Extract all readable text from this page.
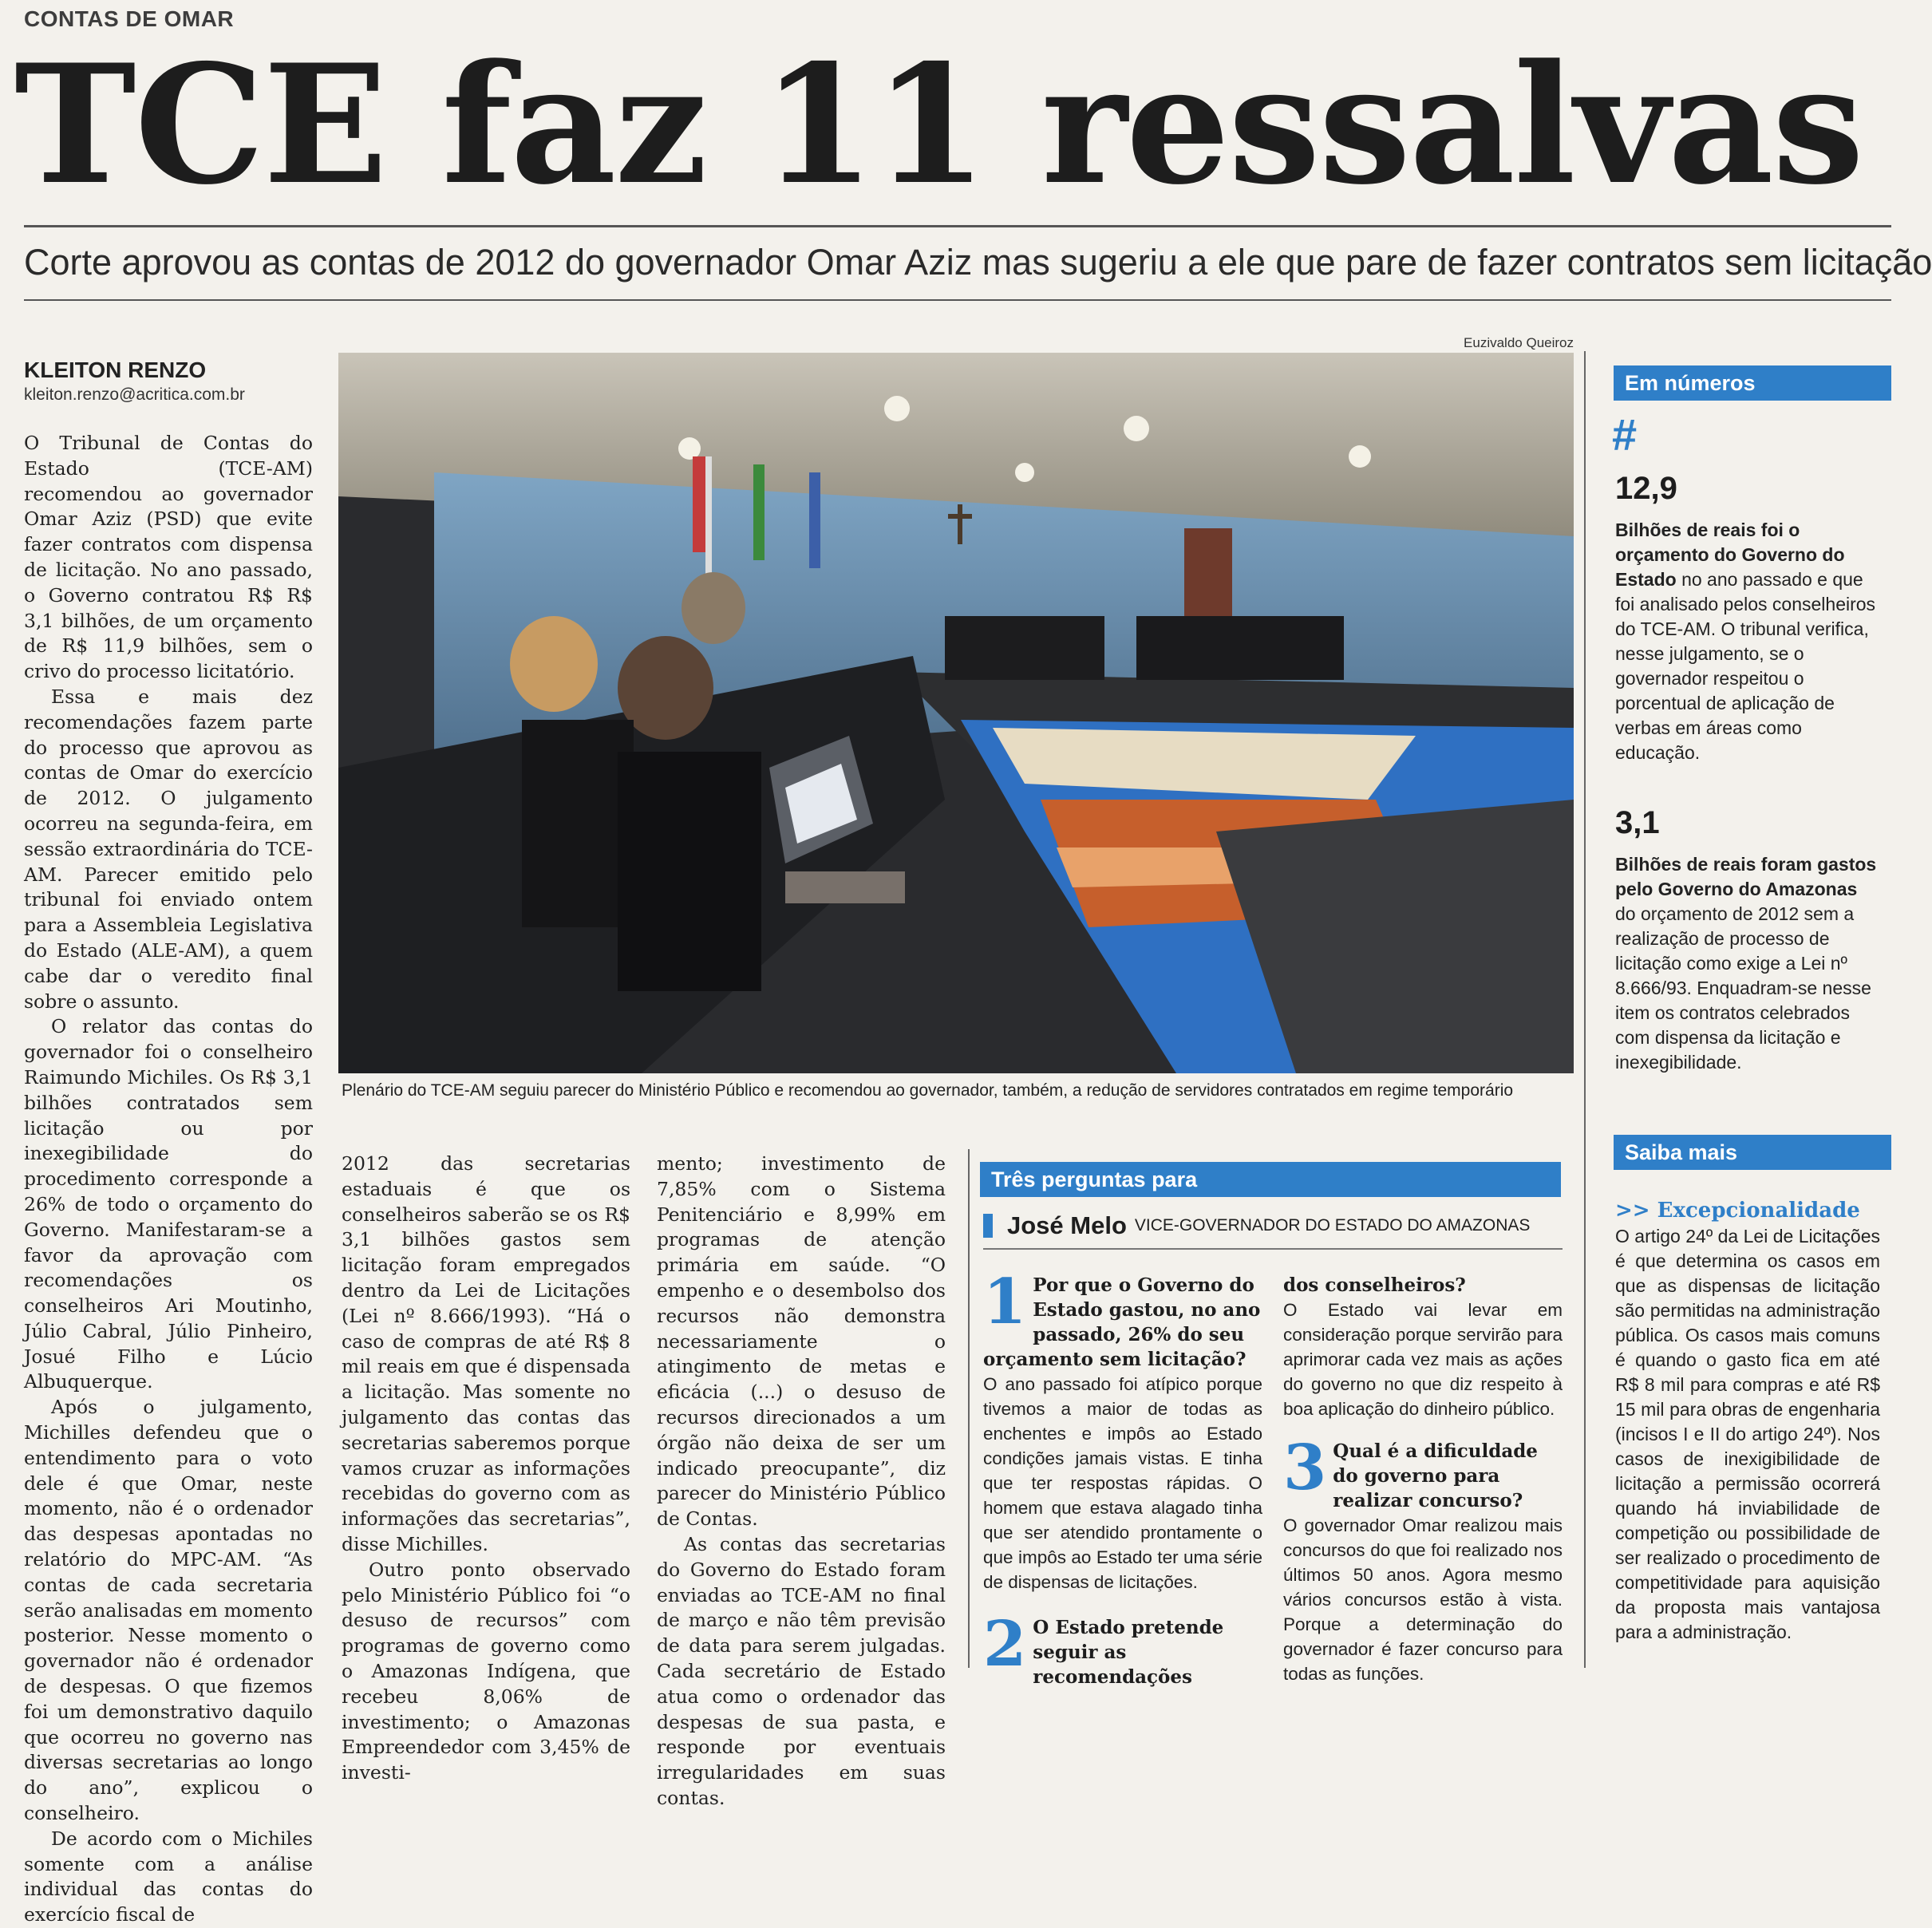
CONTAS DE OMAR
TCE faz 11 ressalvas
Corte aprovou as contas de 2012 do governador Omar Aziz mas sugeriu a ele que pare de fazer contratos sem licitação
KLEITON RENZO
kleiton.renzo@acritica.com.br

O Tribunal de Contas do Estado (TCE-AM) recomendou ao governador Omar Aziz (PSD) que evite fazer contratos com dispensa de licitação. No ano passado, o Governo contratou R$ R$ 3,1 bilhões, de um orçamento de R$ 11,9 bilhões, sem o crivo do processo licitatório.

Essa e mais dez recomendações fazem parte do processo que aprovou as contas de Omar do exercício de 2012. O julgamento ocorreu na segunda-feira, em sessão extraordinária do TCE-AM. Parecer emitido pelo tribunal foi enviado ontem para a Assembleia Legislativa do Estado (ALE-AM), a quem cabe dar o veredito final sobre o assunto.

O relator das contas do governador foi o conselheiro Raimundo Michiles. Os R$ 3,1 bilhões contratados sem licitação ou por inexegibilidade do procedimento corresponde a 26% de todo o orçamento do Governo. Manifestaram-se a favor da aprovação com recomendações os conselheiros Ari Moutinho, Júlio Cabral, Júlio Pinheiro, Josué Filho e Lúcio Albuquerque.

Após o julgamento, Michilles defendeu que o entendimento para o voto dele é que Omar, neste momento, não é o ordenador das despesas apontadas no relatório do MPC-AM. “As contas de cada secretaria serão analisadas em momento posterior. Nesse momento o governador não é ordenador de despesas. O que fizemos foi um demonstrativo daquilo que ocorreu no governo nas diversas secretarias ao longo do ano”, explicou o conselheiro.

De acordo com o Michiles somente com a análise individual das contas do exercício fiscal de

Euzivaldo Queiroz
Plenário do TCE-AM seguiu parecer do Ministério Público e recomendou ao governador, também, a redução de servidores contratados em regime temporário

2012 das secretarias estaduais é que os conselheiros saberão se os R$ 3,1 bilhões gastos sem licitação foram empregados dentro da Lei de Licitações (Lei nº 8.666/1993). “Há o caso de compras de até R$ 8 mil reais em que é dispensada a licitação. Mas somente no julgamento das contas das secretarias saberemos porque vamos cruzar as informações recebidas do governo com as informações das secretarias”, disse Michilles.

Outro ponto observado pelo Ministério Público foi “o desuso de recursos” com programas de governo como o Amazonas Indígena, que recebeu 8,06% de investimento; o Amazonas Empreendedor com 3,45% de investi-

mento; investimento de 7,85% com o Sistema Penitenciário e 8,99% em programas de atenção primária em saúde. “O empenho e o desembolso dos recursos não demonstra necessariamente o atingimento de metas e eficácia (...) o desuso de recursos direcionados a um órgão não deixa de ser um indicado preocupante”, diz parecer do Ministério Público de Contas.

As contas das secretarias do Governo do Estado foram enviadas ao TCE-AM no final de março e não têm previsão de data para serem julgadas. Cada secretário de Estado atua como o ordenador das despesas de sua pasta, e responde por eventuais irregularidades em suas contas.

Três perguntas para
José Melo VICE-GOVERNADOR DO ESTADO DO AMAZONAS
1 Por que o Governo do Estado gastou, no ano passado, 26% do seu orçamento sem licitação?
O ano passado foi atípico porque tivemos a maior de todas as enchentes e impôs ao Estado condições jamais vistas. E tinha que ter respostas rápidas. O homem que estava alagado tinha que ser atendido prontamente o que impôs ao Estado ter uma série de dispensas de licitações.
2 O Estado pretende seguir as recomendações
dos conselheiros?
O Estado vai levar em consideração porque servirão para aprimorar cada vez mais as ações do governo no que diz respeito à boa aplicação do dinheiro público.
3 Qual é a dificuldade do governo para realizar concurso?
O governador Omar realizou mais concursos do que foi realizado nos últimos 50 anos. Agora mesmo vários concursos estão à vista. Porque a determinação do governador é fazer concurso para todas as funções.
Em números
#
12,9
Bilhões de reais foi o orçamento do Governo do Estado no ano passado e que foi analisado pelos conselheiros do TCE-AM. O tribunal verifica, nesse julgamento, se o governador respeitou o porcentual de aplicação de verbas em áreas como educação.
3,1
Bilhões de reais foram gastos pelo Governo do Amazonas do orçamento de 2012 sem a realização de processo de licitação como exige a Lei nº 8.666/93. Enquadram-se nesse item os contratos celebrados com dispensa da licitação e inexegibilidade.
Saiba mais
>> Excepcionalidade
O artigo 24º da Lei de Licitações é que determina os casos em que as dispensas de licitação são permitidas na administração pública. Os casos mais comuns é quando o gasto fica em até R$ 8 mil para compras e até R$ 15 mil para obras de engenharia (incisos I e II do artigo 24º). Nos casos de inexigibilidade de licitação a permissão ocorrerá quando há inviabilidade de competição ou possibilidade de ser realizado o procedimento de competitividade para aquisição da proposta mais vantajosa para a administração.
